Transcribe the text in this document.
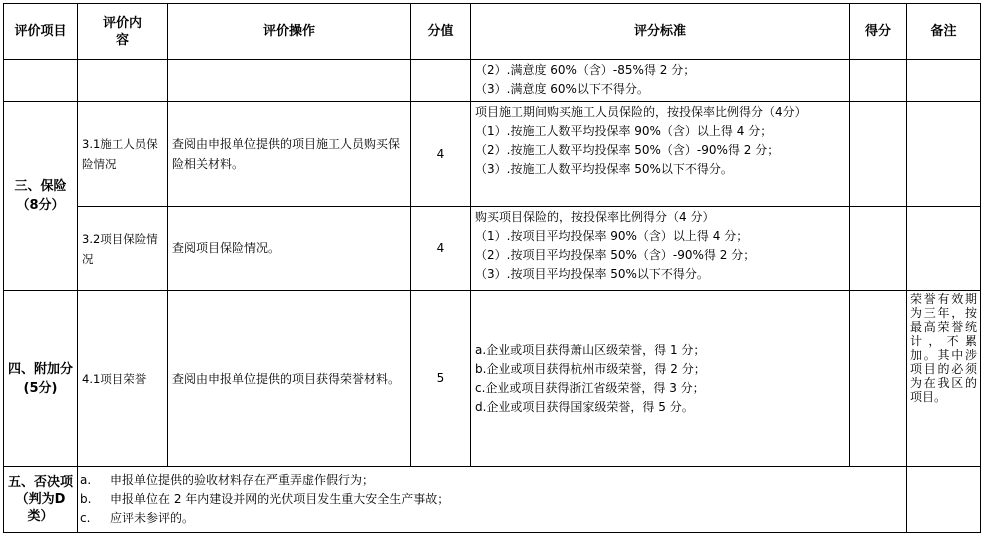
评价项目	评价内容	评价操作	分值	评分标准	得分	备注

				（2）.满意度 60%（含）-85%得 2 分；
（3）.满意度 60%以下不得分。		

三、保险（8分）	3.1施工人员保险情况	查阅由申报单位提供的项目施工人员购买保险相关材料。	4	项目施工期间购买施工人员保险的，按投保率比例得分（4分）
（1）.按施工人数平均投保率 90%（含）以上得 4 分；
（2）.按施工人数平均投保率 50%（含）-90%得 2 分；
（3）.按施工人数平均投保率 50%以下不得分。		

	3.2项目保险情况	查阅项目保险情况。	4	购买项目保险的，按投保率比例得分（4 分）
（1）.按项目平均投保率 90%（含）以上得 4 分；
（2）.按项目平均投保率 50%（含）-90%得 2 分；
（3）.按项目平均投保率 50%以下不得分。		

四、附加分(5分)	4.1项目荣誉	查阅由申报单位提供的项目获得荣誉材料。	5	a.企业或项目获得萧山区级荣誉，得 1 分；
b.企业或项目获得杭州市级荣誉，得 2 分；
c.企业或项目获得浙江省级荣誉，得 3 分；
d.企业或项目获得国家级荣誉，得 5 分。		荣誉有效期为三年，按最高荣誉统计，不累加。其中涉项目的必须为在我区的项目。
五、否决项（判为D类）	a. 申报单位提供的验收材料存在严重弄虚作假行为；
b. 申报单位在 2 年内建设并网的光伏项目发生重大安全生产事故；
c. 应评未参评的。					
